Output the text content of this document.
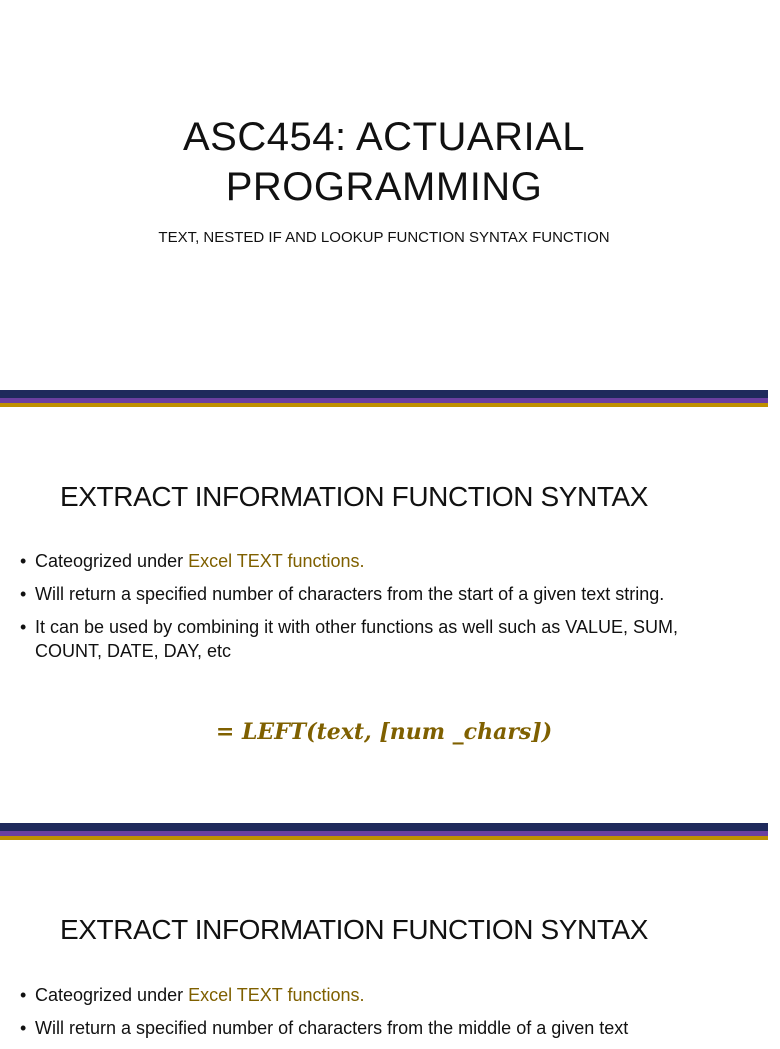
ASC454: ACTUARIAL
PROGRAMMING
TEXT, NESTED IF AND LOOKUP FUNCTION SYNTAX FUNCTION
EXTRACT INFORMATION FUNCTION SYNTAX
• Cateogrized under Excel TEXT functions.
• Will return a specified number of characters from the start of a given text string.
• It can be used by combining it with other functions as well such as VALUE, SUM, COUNT, DATE, DAY, etc
= LEFT(text, [num _chars])
EXTRACT INFORMATION FUNCTION SYNTAX
• Cateogrized under Excel TEXT functions.
• Will return a specified number of characters from the middle of a given text
